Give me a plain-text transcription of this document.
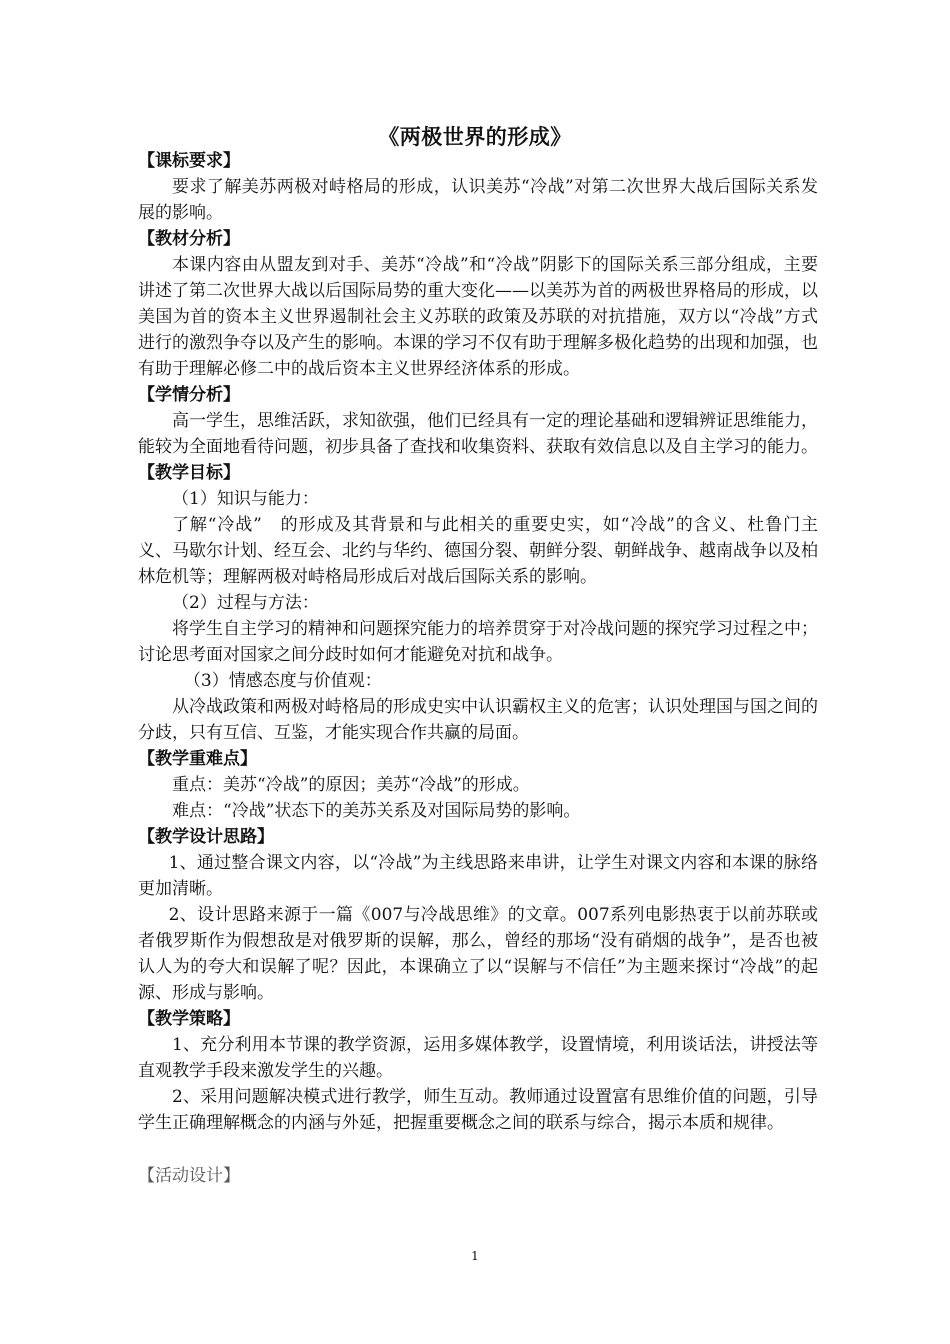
《两极世界的形成》
【课标要求】

要求了解美苏两极对峙格局的形成，认识美苏“冷战”对第二次世界大战后国际关系发展的影响。

【教材分析】

本课内容由从盟友到对手、美苏“冷战”和“冷战”阴影下的国际关系三部分组成，主要讲述了第二次世界大战以后国际局势的重大变化——以美苏为首的两极世界格局的形成，以美国为首的资本主义世界遏制社会主义苏联的政策及苏联的对抗措施，双方以“冷战”方式进行的激烈争夺以及产生的影响。本课的学习不仅有助于理解多极化趋势的出现和加强，也有助于理解必修二中的战后资本主义世界经济体系的形成。

【学情分析】

高一学生，思维活跃，求知欲强，他们已经具有一定的理论基础和逻辑辨证思维能力，能较为全面地看待问题，初步具备了查找和收集资料、获取有效信息以及自主学习的能力。

【教学目标】

（1）知识与能力：

了解“冷战”　的形成及其背景和与此相关的重要史实，如“冷战”的含义、杜鲁门主义、马歇尔计划、经互会、北约与华约、德国分裂、朝鲜分裂、朝鲜战争、越南战争以及柏林危机等；理解两极对峙格局形成后对战后国际关系的影响。

（2）过程与方法：

将学生自主学习的精神和问题探究能力的培养贯穿于对冷战问题的探究学习过程之中；讨论思考面对国家之间分歧时如何才能避免对抗和战争。

（3）情感态度与价值观：

从冷战政策和两极对峙格局的形成史实中认识霸权主义的危害；认识处理国与国之间的分歧，只有互信、互鉴，才能实现合作共赢的局面。

【教学重难点】

重点：美苏“冷战”的原因；美苏“冷战”的形成。

难点：“冷战”状态下的美苏关系及对国际局势的影响。

【教学设计思路】

1、通过整合课文内容，以“冷战”为主线思路来串讲，让学生对课文内容和本课的脉络更加清晰。

2、设计思路来源于一篇《007与冷战思维》的文章。007系列电影热衷于以前苏联或者俄罗斯作为假想敌是对俄罗斯的误解，那么，曾经的那场“没有硝烟的战争”，是否也被认人为的夸大和误解了呢？因此，本课确立了以“误解与不信任”为主题来探讨“冷战”的起源、形成与影响。

【教学策略】

1、充分利用本节课的教学资源，运用多媒体教学，设置情境，利用谈话法，讲授法等直观教学手段来激发学生的兴趣。

2、采用问题解决模式进行教学，师生互动。教师通过设置富有思维价值的问题，引导学生正确理解概念的内涵与外延，把握重要概念之间的联系与综合，揭示本质和规律。

【活动设计】
1
